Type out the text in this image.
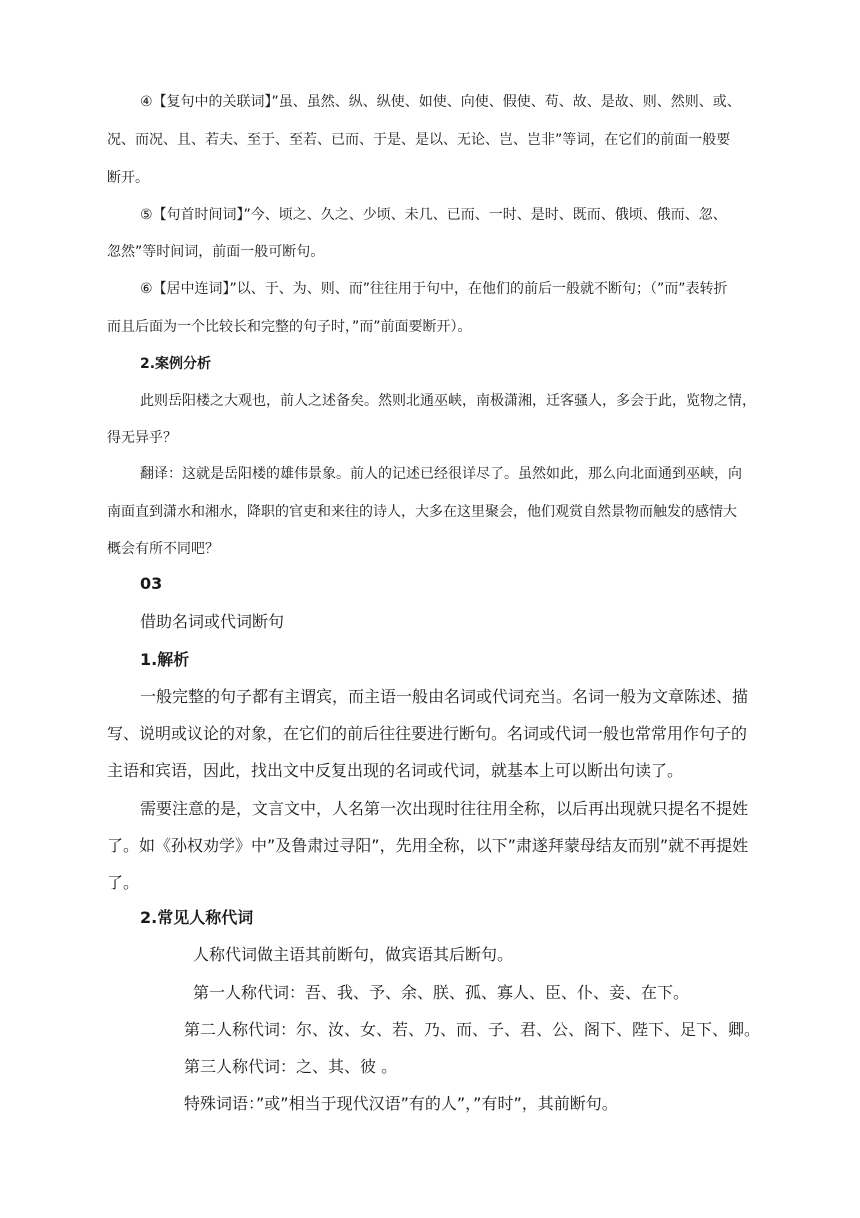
④【复句中的关联词】”虽、虽然、纵、纵使、如使、向使、假使、苟、故、是故、则、然则、或、
况、而况、且、若夫、至于、至若、已而、于是、是以、无论、岂、岂非”等词，在它们的前面一般要
断开。
⑤【句首时间词】”今、顷之、久之、少顷、未几、已而、一时、是时、既而、俄顷、俄而、忽、
忽然”等时间词，前面一般可断句。
⑥【居中连词】”以、于、为、则、而”往往用于句中，在他们的前后一般就不断句；（”而”表转折
而且后面为一个比较长和完整的句子时，”而”前面要断开）。
2.案例分析
此则岳阳楼之大观也，前人之述备矣。然则北通巫峡，南极潇湘，迁客骚人，多会于此，览物之情，
得无异乎？
翻译：这就是岳阳楼的雄伟景象。前人的记述已经很详尽了。虽然如此，那么向北面通到巫峡，向
南面直到潇水和湘水，降职的官吏和来往的诗人，大多在这里聚会，他们观赏自然景物而触发的感情大
概会有所不同吧？
03
借助名词或代词断句
1.解析
一般完整的句子都有主谓宾，而主语一般由名词或代词充当。名词一般为文章陈述、描
写、说明或议论的对象，在它们的前后往往要进行断句。名词或代词一般也常常用作句子的
主语和宾语，因此，找出文中反复出现的名词或代词，就基本上可以断出句读了。
需要注意的是，文言文中，人名第一次出现时往往用全称，以后再出现就只提名不提姓
了。如《孙权劝学》中”及鲁肃过寻阳”，先用全称，以下”肃遂拜蒙母结友而别”就不再提姓
了。
2.常见人称代词
人称代词做主语其前断句，做宾语其后断句。
第一人称代词：吾、我、予、余、朕、孤、寡人、臣、仆、妾、在下。
第二人称代词：尔、汝、女、若、乃、而、子、君、公、阁下、陛下、足下、卿。
第三人称代词：之、其、彼 。
特殊词语：”或”相当于现代汉语”有的人”，”有时”，其前断句。
